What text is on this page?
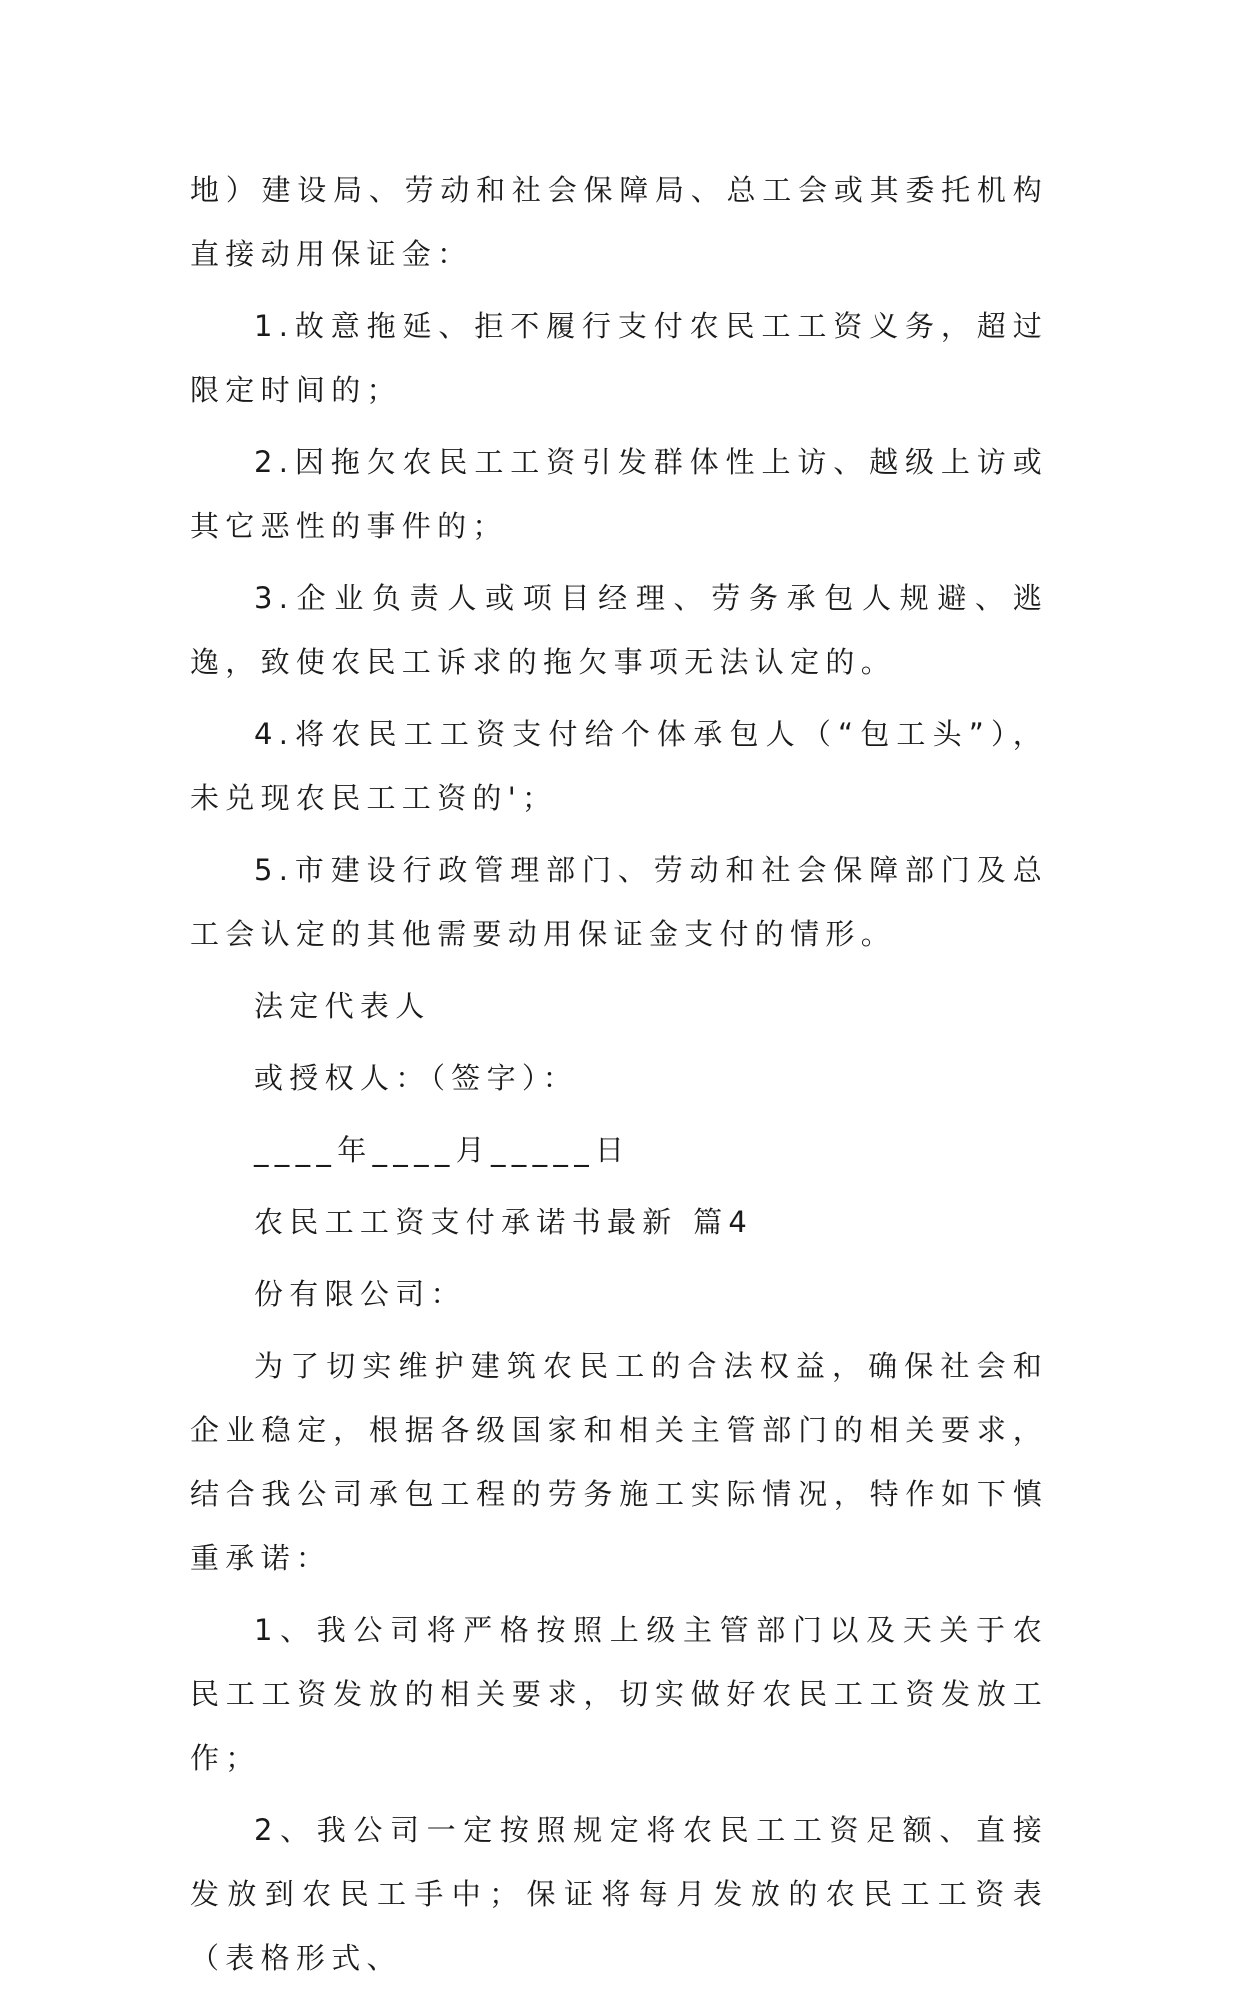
地）建设局、劳动和社会保障局、总工会或其委托机构直接动用保证金：

1.故意拖延、拒不履行支付农民工工资义务，超过限定时间的；

2.因拖欠农民工工资引发群体性上访、越级上访或其它恶性的事件的；

3.企业负责人或项目经理、劳务承包人规避、逃逸，致使农民工诉求的拖欠事项无法认定的。

4.将农民工工资支付给个体承包人（“包工头”），未兑现农民工工资的'；

5.市建设行政管理部门、劳动和社会保障部门及总工会认定的其他需要动用保证金支付的情形。

法定代表人
或授权人：（签字）：
____年____月_____日
农民工工资支付承诺书最新 篇4
份有限公司：

为了切实维护建筑农民工的合法权益，确保社会和企业稳定，根据各级国家和相关主管部门的相关要求，结合我公司承包工程的劳务施工实际情况，特作如下慎重承诺：

1、我公司将严格按照上级主管部门以及天关于农民工工资发放的相关要求，切实做好农民工工资发放工作；

2、我公司一定按照规定将农民工工资足额、直接发放到农民工手中；保证将每月发放的农民工工资表（表格形式、
